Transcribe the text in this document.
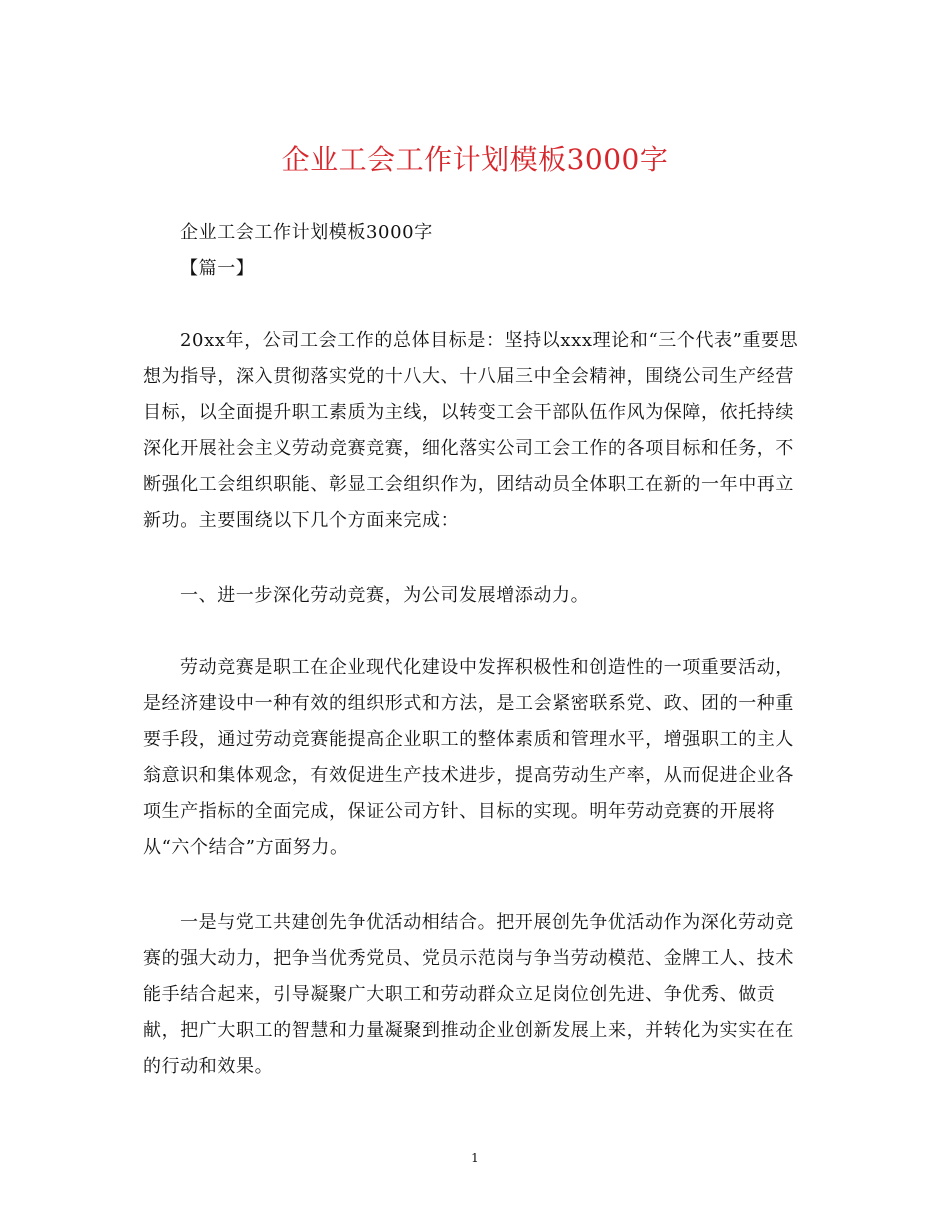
企业工会工作计划模板3000字
企业工会工作计划模板3000字
【篇一】
20xx年，公司工会工作的总体目标是：坚持以xxx理论和“三个代表”重要思
想为指导，深入贯彻落实党的十八大、十八届三中全会精神，围绕公司生产经营
目标，以全面提升职工素质为主线，以转变工会干部队伍作风为保障，依托持续
深化开展社会主义劳动竞赛竞赛，细化落实公司工会工作的各项目标和任务，不
断强化工会组织职能、彰显工会组织作为，团结动员全体职工在新的一年中再立
新功。主要围绕以下几个方面来完成：
一、进一步深化劳动竞赛，为公司发展增添动力。
劳动竞赛是职工在企业现代化建设中发挥积极性和创造性的一项重要活动，
是经济建设中一种有效的组织形式和方法，是工会紧密联系党、政、团的一种重
要手段，通过劳动竞赛能提高企业职工的整体素质和管理水平，增强职工的主人
翁意识和集体观念，有效促进生产技术进步，提高劳动生产率，从而促进企业各
项生产指标的全面完成，保证公司方针、目标的实现。明年劳动竞赛的开展将
从“六个结合”方面努力。
一是与党工共建创先争优活动相结合。把开展创先争优活动作为深化劳动竞
赛的强大动力，把争当优秀党员、党员示范岗与争当劳动模范、金牌工人、技术
能手结合起来，引导凝聚广大职工和劳动群众立足岗位创先进、争优秀、做贡
献，把广大职工的智慧和力量凝聚到推动企业创新发展上来，并转化为实实在在
的行动和效果。
1
